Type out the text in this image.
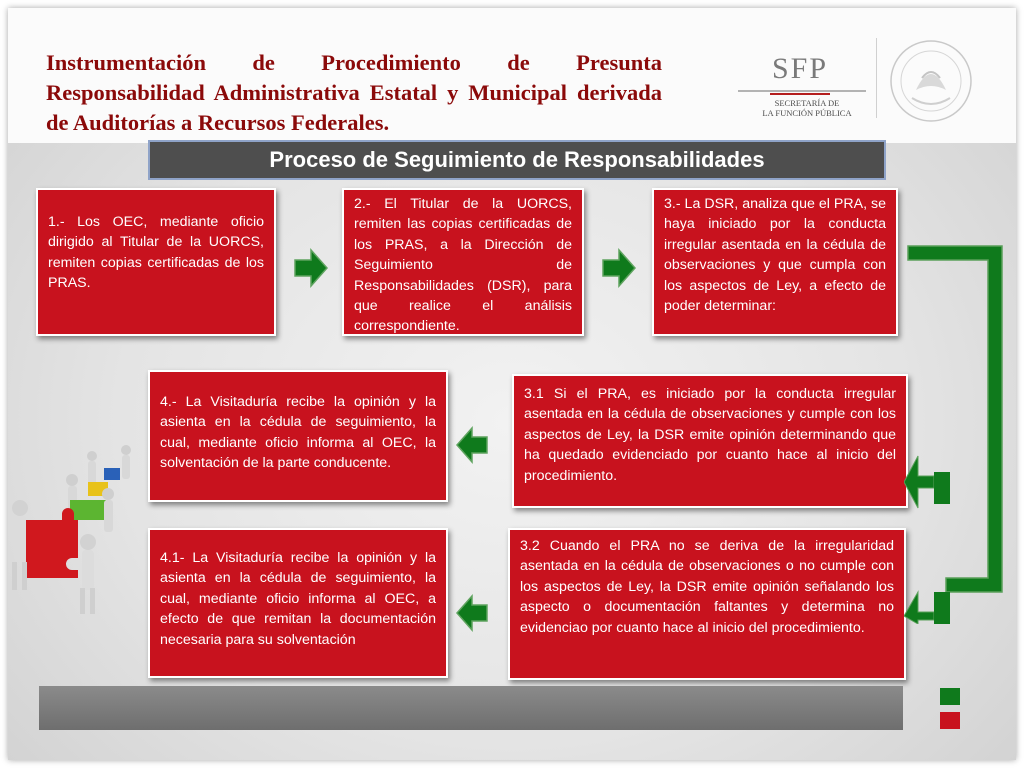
Instrumentación de Procedimiento de Presunta Responsabilidad Administrativa Estatal y Municipal derivada de Auditorías a Recursos Federales.
SFP
SECRETARÍA DE
LA FUNCIÓN PÚBLICA
Proceso de Seguimiento de Responsabilidades

1.- Los OEC, mediante oficio dirigido al Titular de la UORCS, remiten copias certificadas de los PRAS.

2.- El Titular de la UORCS, remiten las copias certificadas de los PRAS, a la Dirección de Seguimiento de Responsabilidades (DSR), para que realice el análisis correspondiente.

3.- La DSR, analiza que el PRA, se haya iniciado por la conducta irregular asentada en la cédula de observaciones y que cumpla con los aspectos de Ley, a efecto de poder determinar:

4.- La Visitaduría recibe la opinión y la asienta en la cédula de seguimiento, la cual, mediante oficio informa al OEC, la solventación de la parte conducente.

3.1 Si el PRA, es iniciado por la conducta irregular asentada en la cédula de observaciones y cumple con los aspectos de Ley, la DSR emite opinión determinando que ha quedado evidenciado por cuanto hace al inicio del procedimiento.

4.1- La Visitaduría recibe la opinión y la asienta en la cédula de seguimiento, la cual, mediante oficio informa al OEC, a efecto de que remitan la documentación necesaria para su solventación

3.2 Cuando el PRA no se deriva de la irregularidad asentada en la cédula de observaciones o no cumple con los aspectos de Ley, la DSR emite opinión señalando los aspecto o documentación faltantes y determina no evidenciao por cuanto hace al inicio del procedimiento.
